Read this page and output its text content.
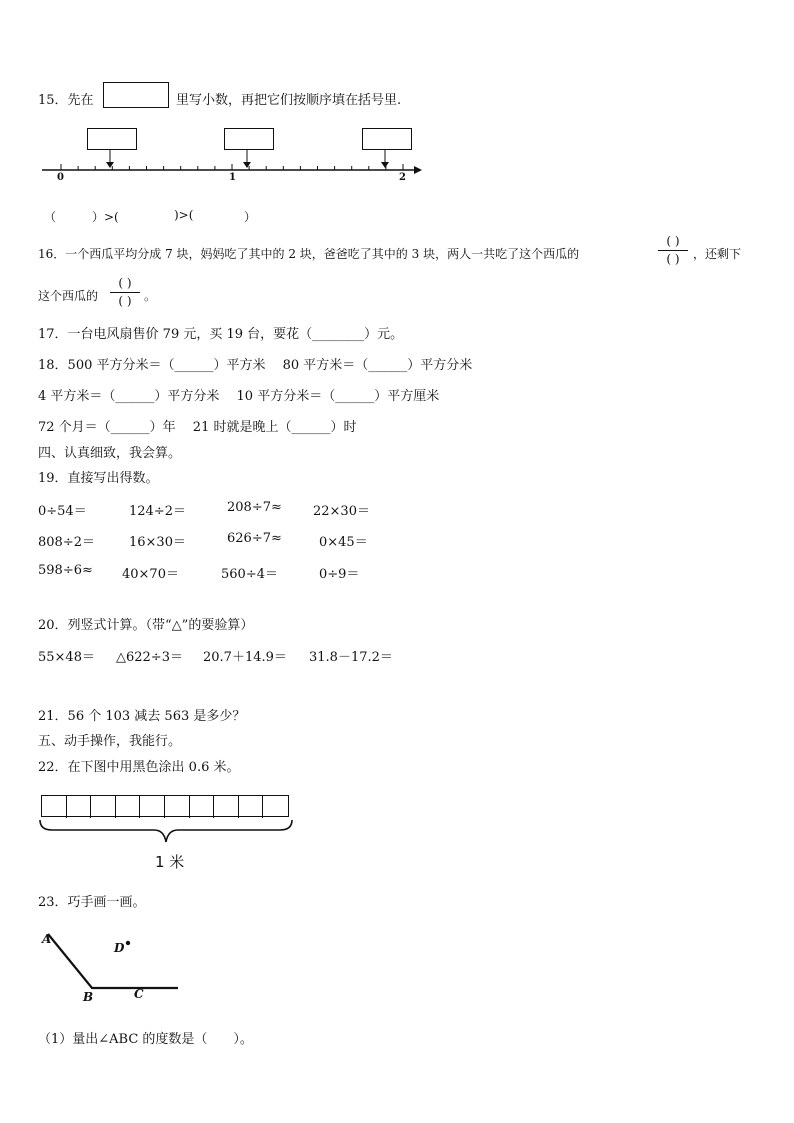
15．先在	里写小数，再把它们按顺序填在括号里.
0	1	2
（	）>(	)>(	）
16．一个西瓜平均分成 7 块，妈妈吃了其中的 2 块，爸爸吃了其中的 3 块，两人一共吃了这个西瓜的
( )
( )	，还剩下
这个西瓜的
( )
( )	。
17．一台电风扇售价 79 元，买 19 台，要花（________）元。
18．500 平方分米＝（______）平方米　 80 平方米＝（______）平方分米
4 平方米＝（______）平方分米　 10 平方分米＝（______）平方厘米
72 个月＝（______）年　 21 时就是晚上（______）时
四、认真细致，我会算。
19．直接写出得数。
0÷54＝	124÷2＝	208÷7≈ 22×30＝
808÷2＝	16×30＝	626÷7≈	0×45＝
598÷6≈ 40×70＝	560÷4＝	0÷9＝
20．列竖式计算。（带“△”的要验算）
55×48＝ △622÷3＝ 20.7＋14.9＝ 31.8－17.2＝
21．56 个 103 减去 563 是多少？
五、动手操作，我能行。
22．在下图中用黑色涂出 0.6 米。
1 米
23．巧手画一画。
A
B	C
D
（1）量出∠ABC 的度数是（　　）。
